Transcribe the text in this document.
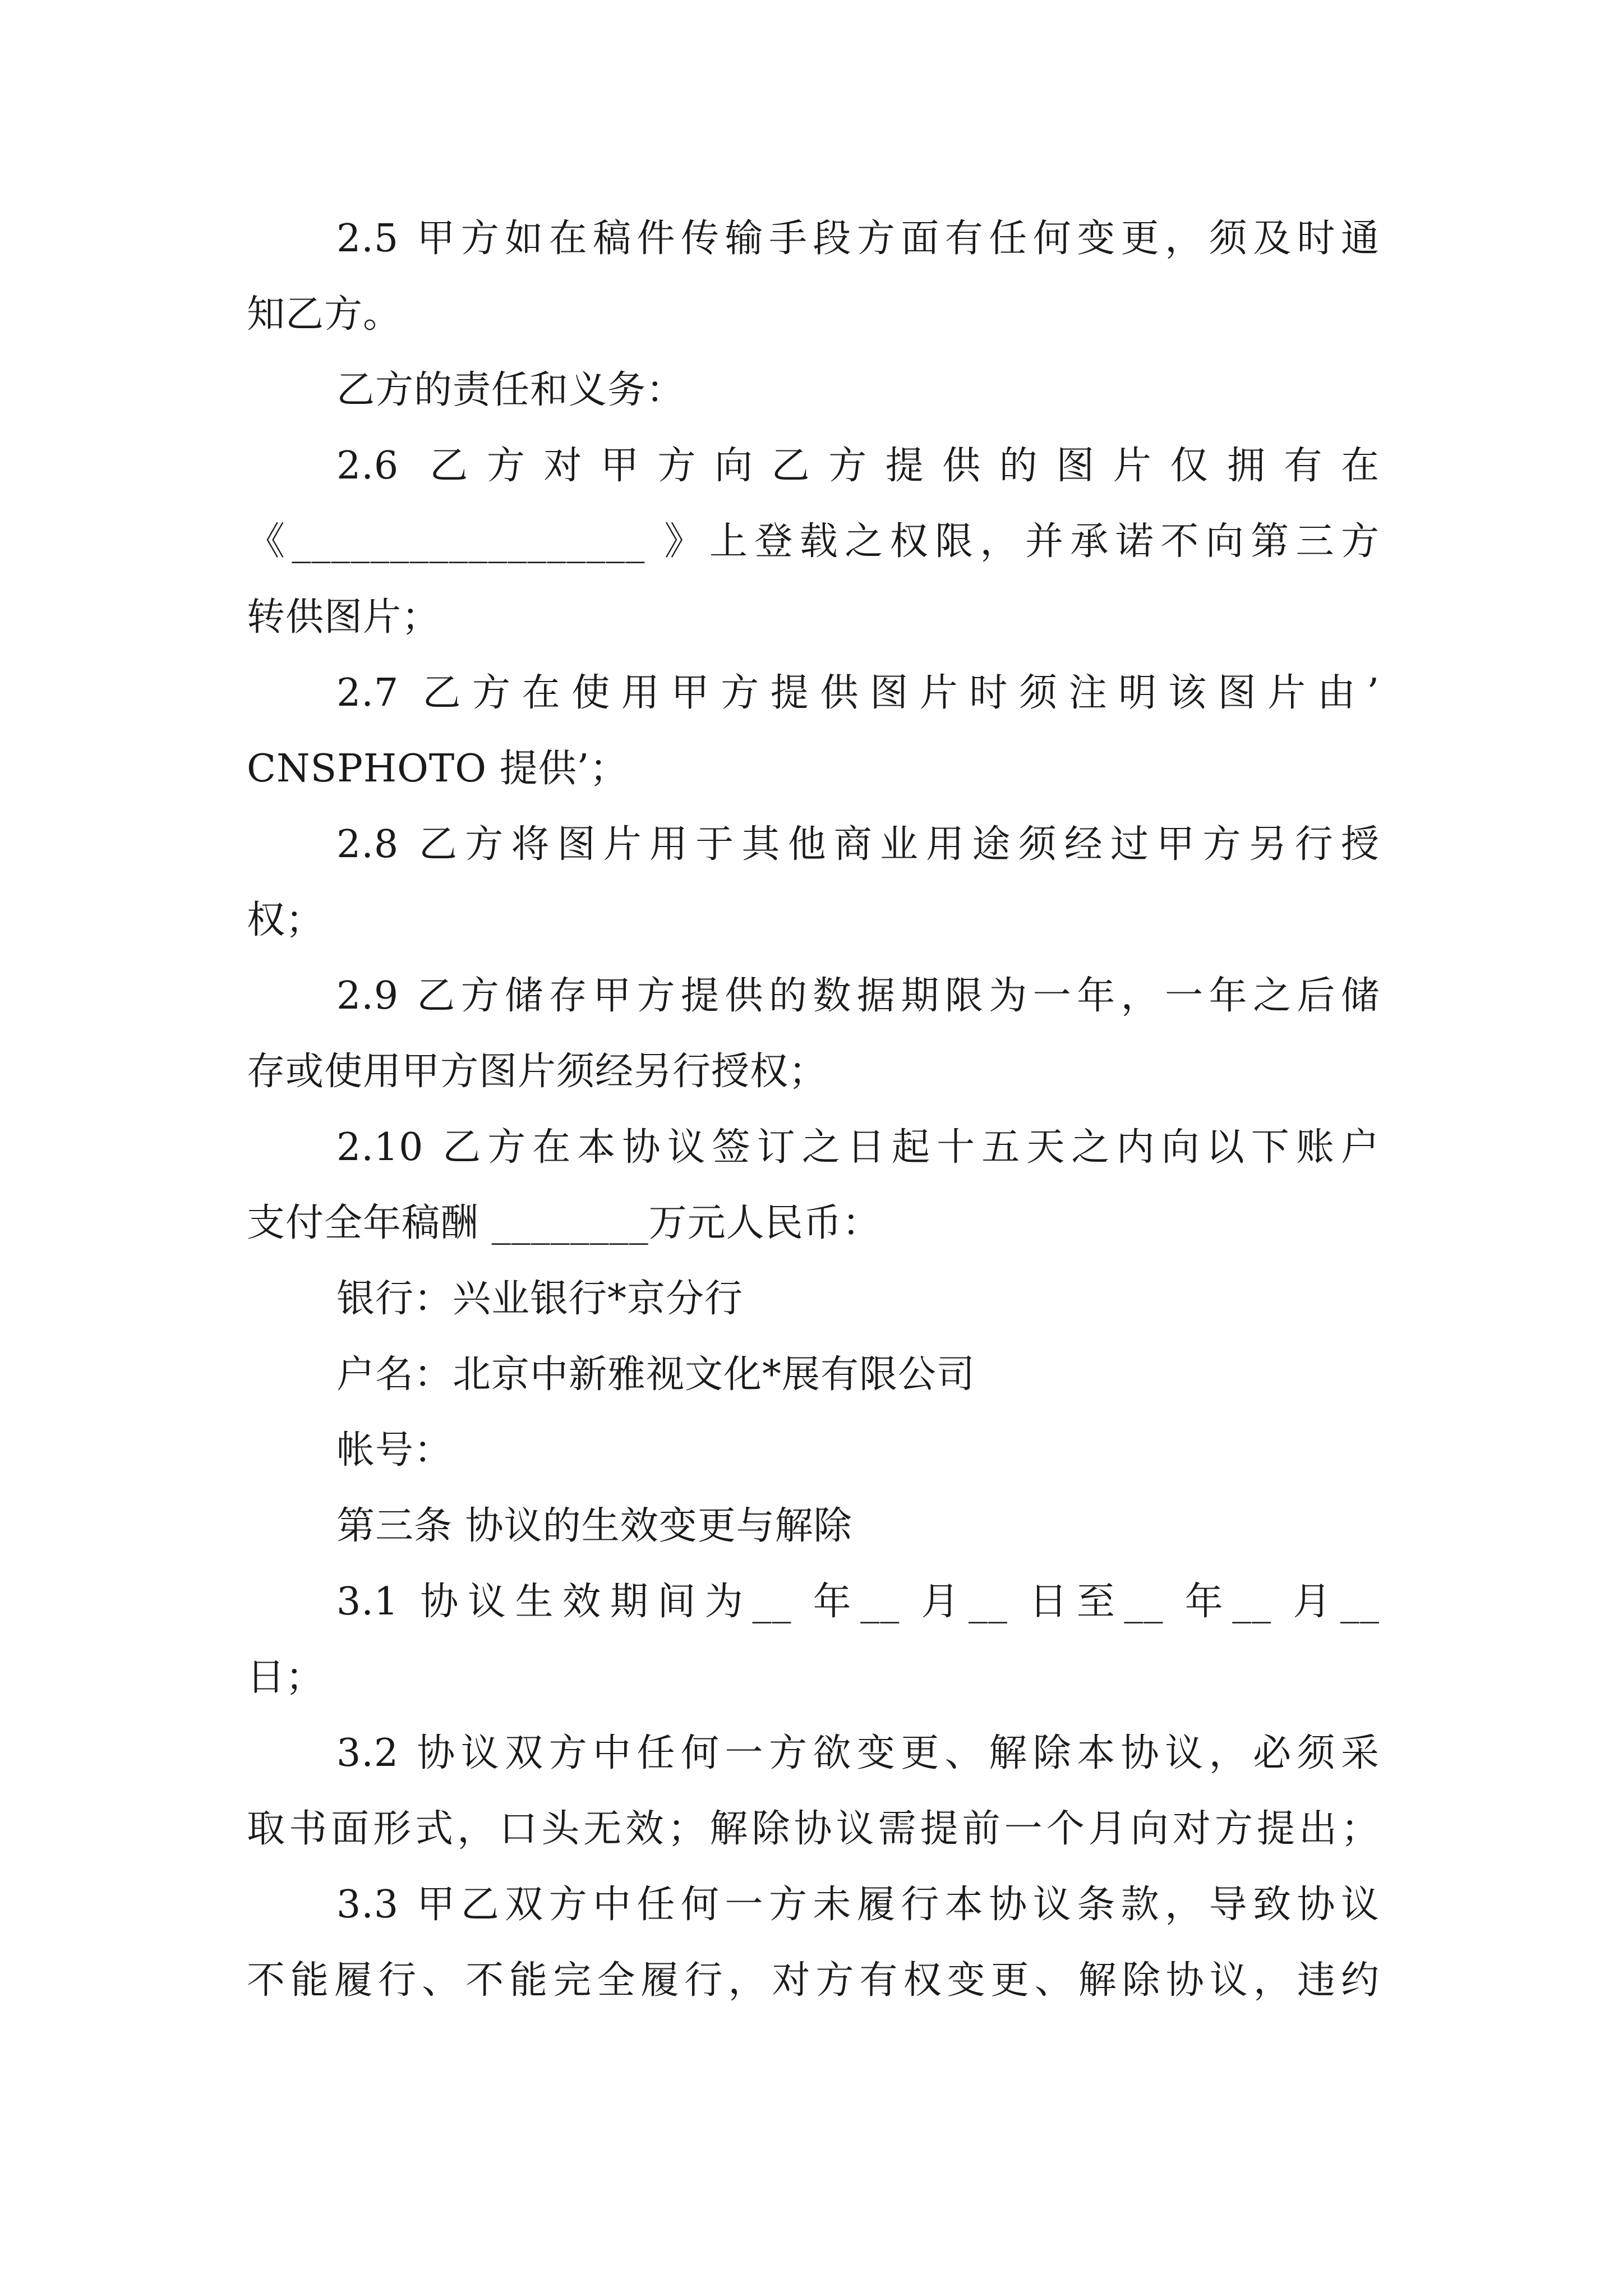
2.5 甲方如在稿件传输手段方面有任何变更，须及时通
知乙方。
乙方的责任和义务：
2.6 乙方对甲方向乙方提供的图片仅拥有在
《__________________ 》上登载之权限，并承诺不向第三方
转供图片；
2.7 乙方在使用甲方提供图片时须注明该图片由’
CNSPHOTO 提供’；
2.8 乙方将图片用于其他商业用途须经过甲方另行授
权；
2.9 乙方储存甲方提供的数据期限为一年，一年之后储
存或使用甲方图片须经另行授权；
2.10 乙方在本协议签订之日起十五天之内向以下账户
支付全年稿酬 ________万元人民币：
银行：兴业银行*京分行
户名：北京中新雅视文化*展有限公司
帐号：
第三条 协议的生效变更与解除
3.1 协议生效期间为__ 年__ 月__ 日至__ 年__ 月__
日；
3.2 协议双方中任何一方欲变更、解除本协议，必须采
取书面形式，口头无效；解除协议需提前一个月向对方提出；
3.3 甲乙双方中任何一方未履行本协议条款，导致协议
不能履行、不能完全履行，对方有权变更、解除协议，违约
